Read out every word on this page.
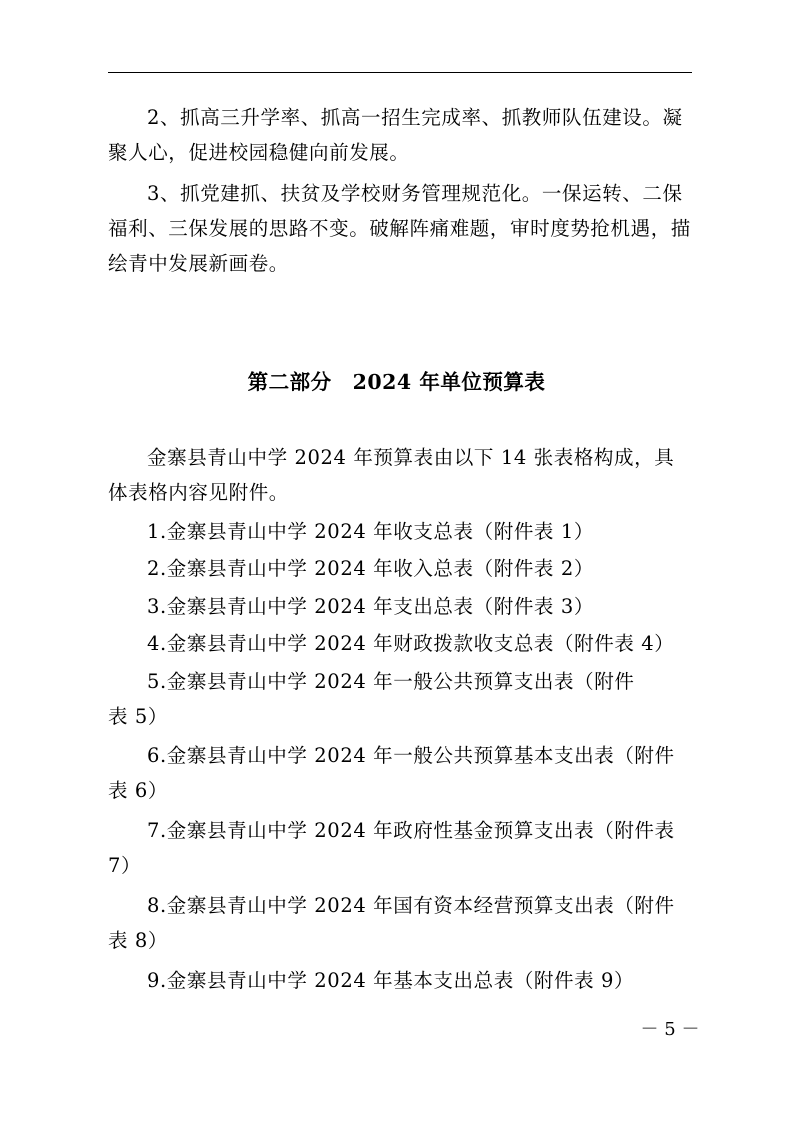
2、抓高三升学率、抓高一招生完成率、抓教师队伍建设。凝聚人心，促进校园稳健向前发展。

3、抓党建抓、扶贫及学校财务管理规范化。一保运转、二保福利、三保发展的思路不变。破解阵痛难题，审时度势抢机遇，描绘青中发展新画卷。

第二部分　2024 年单位预算表

金寨县青山中学 2024 年预算表由以下 14 张表格构成，具体表格内容见附件。

1.金寨县青山中学 2024 年收支总表（附件表 1）

2.金寨县青山中学 2024 年收入总表（附件表 2）

3.金寨县青山中学 2024 年支出总表（附件表 3）

4.金寨县青山中学 2024 年财政拨款收支总表（附件表 4）

5.金寨县青山中学 2024 年一般公共预算支出表（附件表 5）

6.金寨县青山中学 2024 年一般公共预算基本支出表（附件表 6）

7.金寨县青山中学 2024 年政府性基金预算支出表（附件表 7）

8.金寨县青山中学 2024 年国有资本经营预算支出表（附件表 8）

9.金寨县青山中学 2024 年基本支出总表（附件表 9）

－ 5 －
